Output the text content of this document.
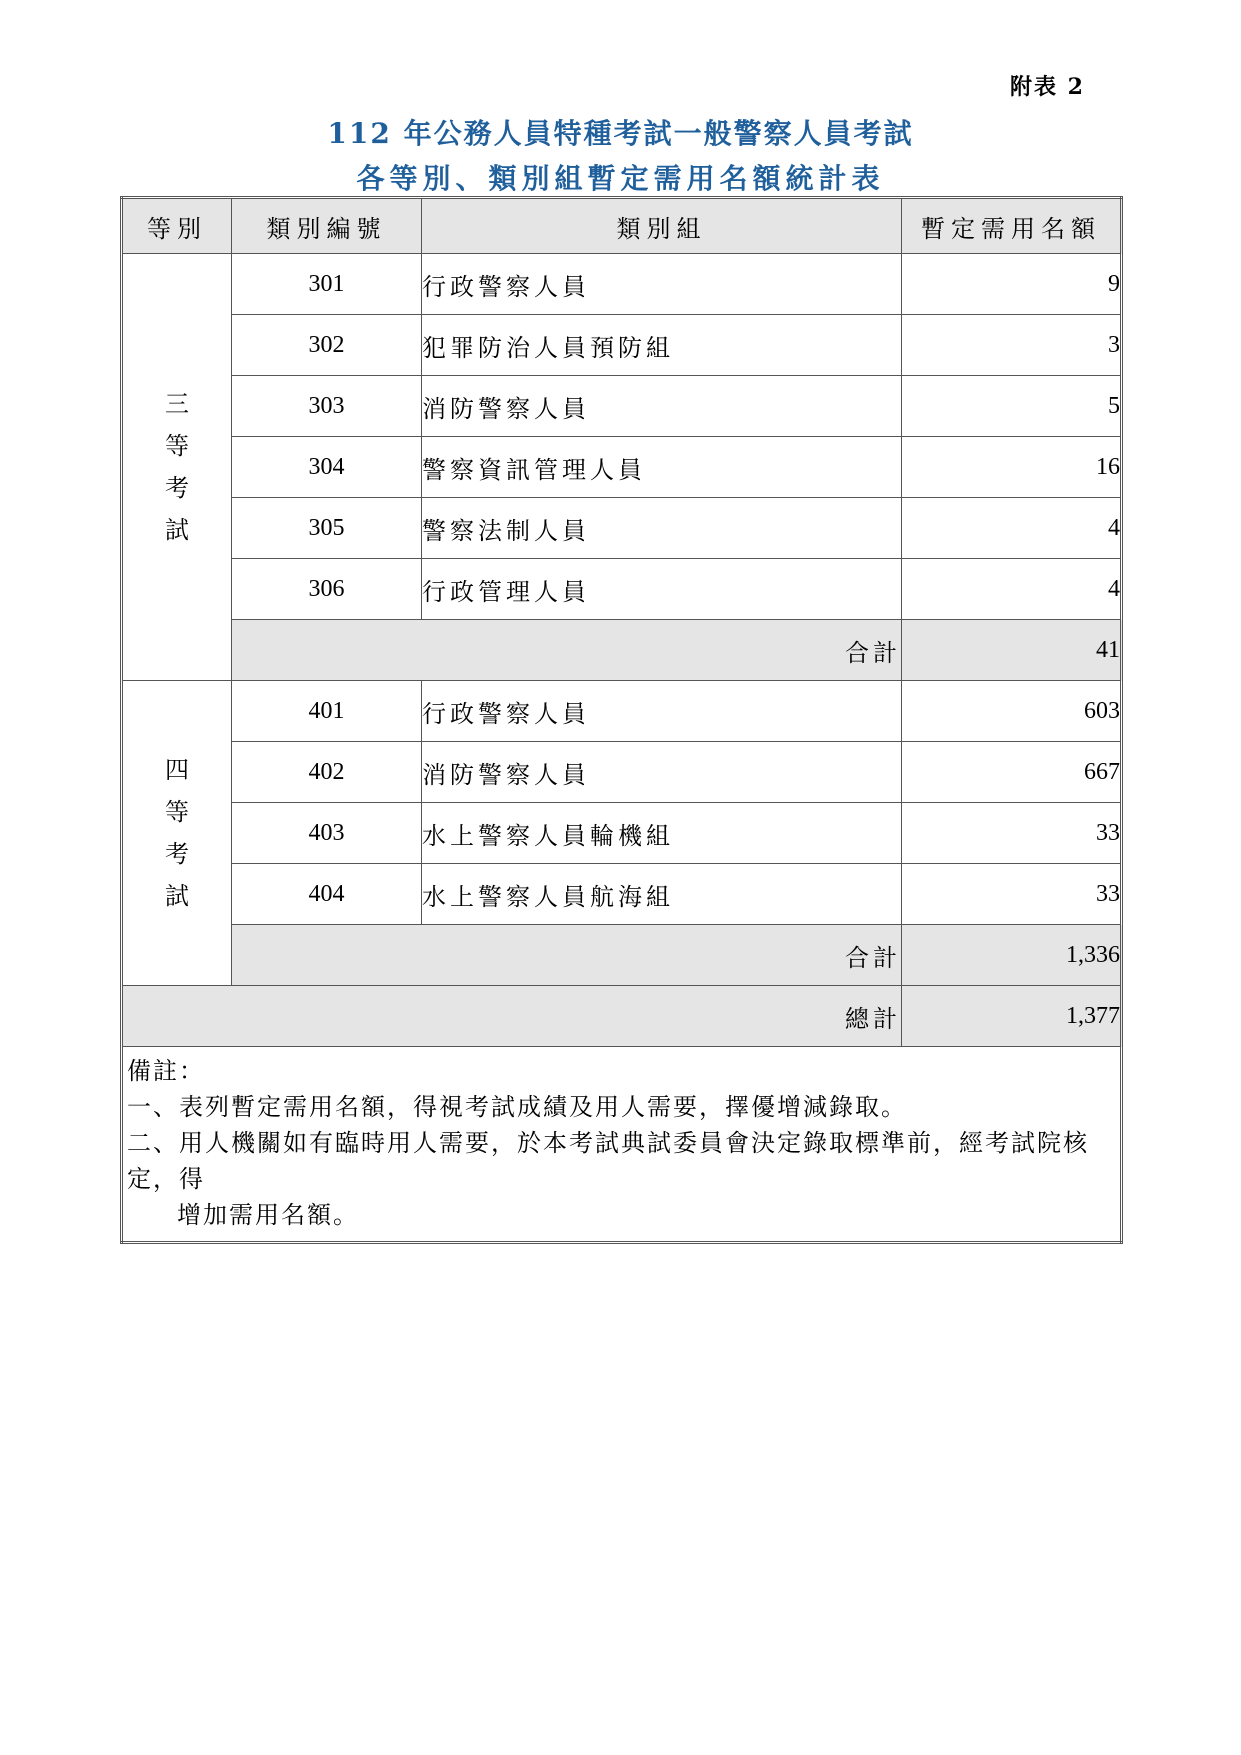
附表 2
112 年公務人員特種考試一般警察人員考試
各等別、類別組暫定需用名額統計表
等別	類別編號	類別組	暫定需用名額
三
等
考
試	301	行政警察人員	9
	302	犯罪防治人員預防組	3
	303	消防警察人員	5
	304	警察資訊管理人員	16
	305	警察法制人員	4
	306	行政管理人員	4
	合計		41
四
等
考
試	401	行政警察人員	603
	402	消防警察人員	667
	403	水上警察人員輪機組	33
	404	水上警察人員航海組	33
	合計		1,336
總計			1,377

備註：
一、表列暫定需用名額，得視考試成績及用人需要，擇優增減錄取。
二、用人機關如有臨時用人需要，於本考試典試委員會決定錄取標準前，經考試院核定，得
增加需用名額。			
